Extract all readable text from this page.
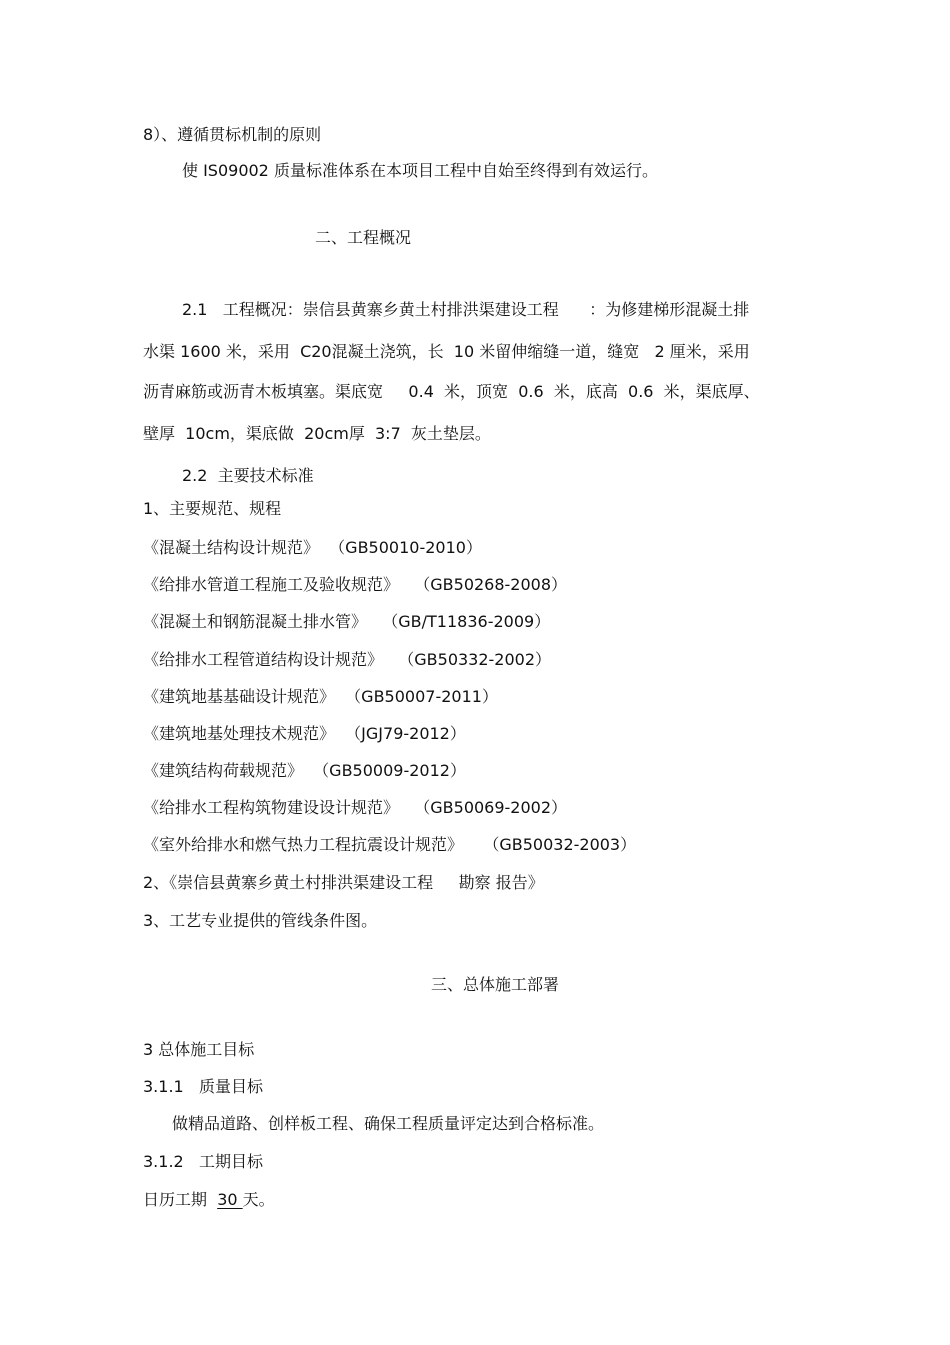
8）、遵循贯标机制的原则
使 IS09002 质量标准体系在本项目工程中自始至终得到有效运行。
二、工程概况
2.1   工程概况：崇信县黄寨乡黄土村排洪渠建设工程      ：为修建梯形混凝土排
水渠 1600 米，采用  C20混凝土浇筑，长  10 米留伸缩缝一道，缝宽   2 厘米，采用
沥青麻筋或沥青木板填塞。渠底宽     0.4  米，顶宽  0.6  米，底高  0.6  米，渠底厚、
壁厚  10cm，渠底做  20cm厚  3:7  灰土垫层。
2.2  主要技术标准
1、主要规范、规程
《混凝土结构设计规范》  （GB50010-2010）
《给排水管道工程施工及验收规范》   （GB50268-2008）
《混凝土和钢筋混凝土排水管》   （GB/T11836-2009）
《给排水工程管道结构设计规范》   （GB50332-2002）
《建筑地基基础设计规范》  （GB50007-2011）
《建筑地基处理技术规范》  （JGJ79-2012）
《建筑结构荷载规范》  （GB50009-2012）
《给排水工程构筑物建设设计规范》   （GB50069-2002）
《室外给排水和燃气热力工程抗震设计规范》    （GB50032-2003）
2、《崇信县黄寨乡黄土村排洪渠建设工程     勘察 报告》
3、工艺专业提供的管线条件图。
三、总体施工部署
3 总体施工目标
3.1.1   质量目标
做精品道路、创样板工程、确保工程质量评定达到合格标准。
3.1.2   工期目标
日历工期  30 天。
